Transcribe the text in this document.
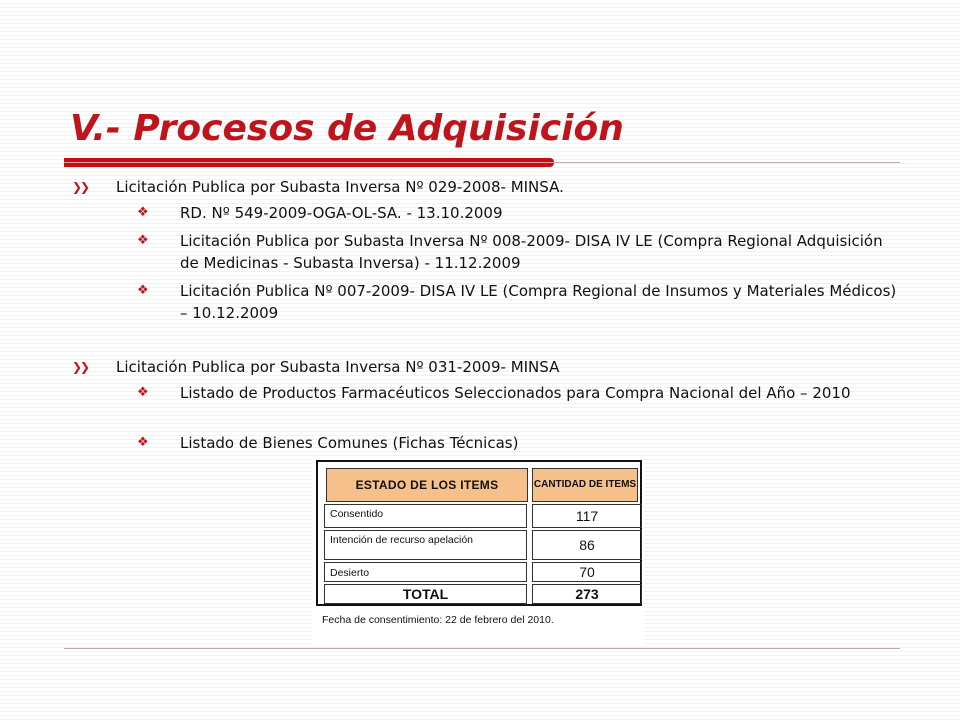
V.- Procesos de Adquisición
❯❯	Licitación Publica por Subasta Inversa Nº 029-2008- MINSA.
❖	RD. Nº 549-2009-OGA-OL-SA. - 13.10.2009
❖	Licitación Publica por Subasta Inversa Nº 008-2009- DISA IV LE (Compra Regional Adquisición de Medicinas - Subasta Inversa) - 11.12.2009
❖	Licitación Publica Nº 007-2009- DISA IV LE (Compra Regional de Insumos y Materiales Médicos) – 10.12.2009
❯❯	Licitación Publica por Subasta Inversa Nº 031-2009- MINSA
❖	Listado de Productos Farmacéuticos Seleccionados para Compra Nacional del Año – 2010
❖	Listado de Bienes Comunes (Fichas Técnicas)
ESTADO DE LOS ITEMS	CANTIDAD DE ITEMS
Consentido	117
Intención de recurso apelación	86
Desierto	70
TOTAL	273
Fecha de consentimiento: 22 de febrero del 2010.
